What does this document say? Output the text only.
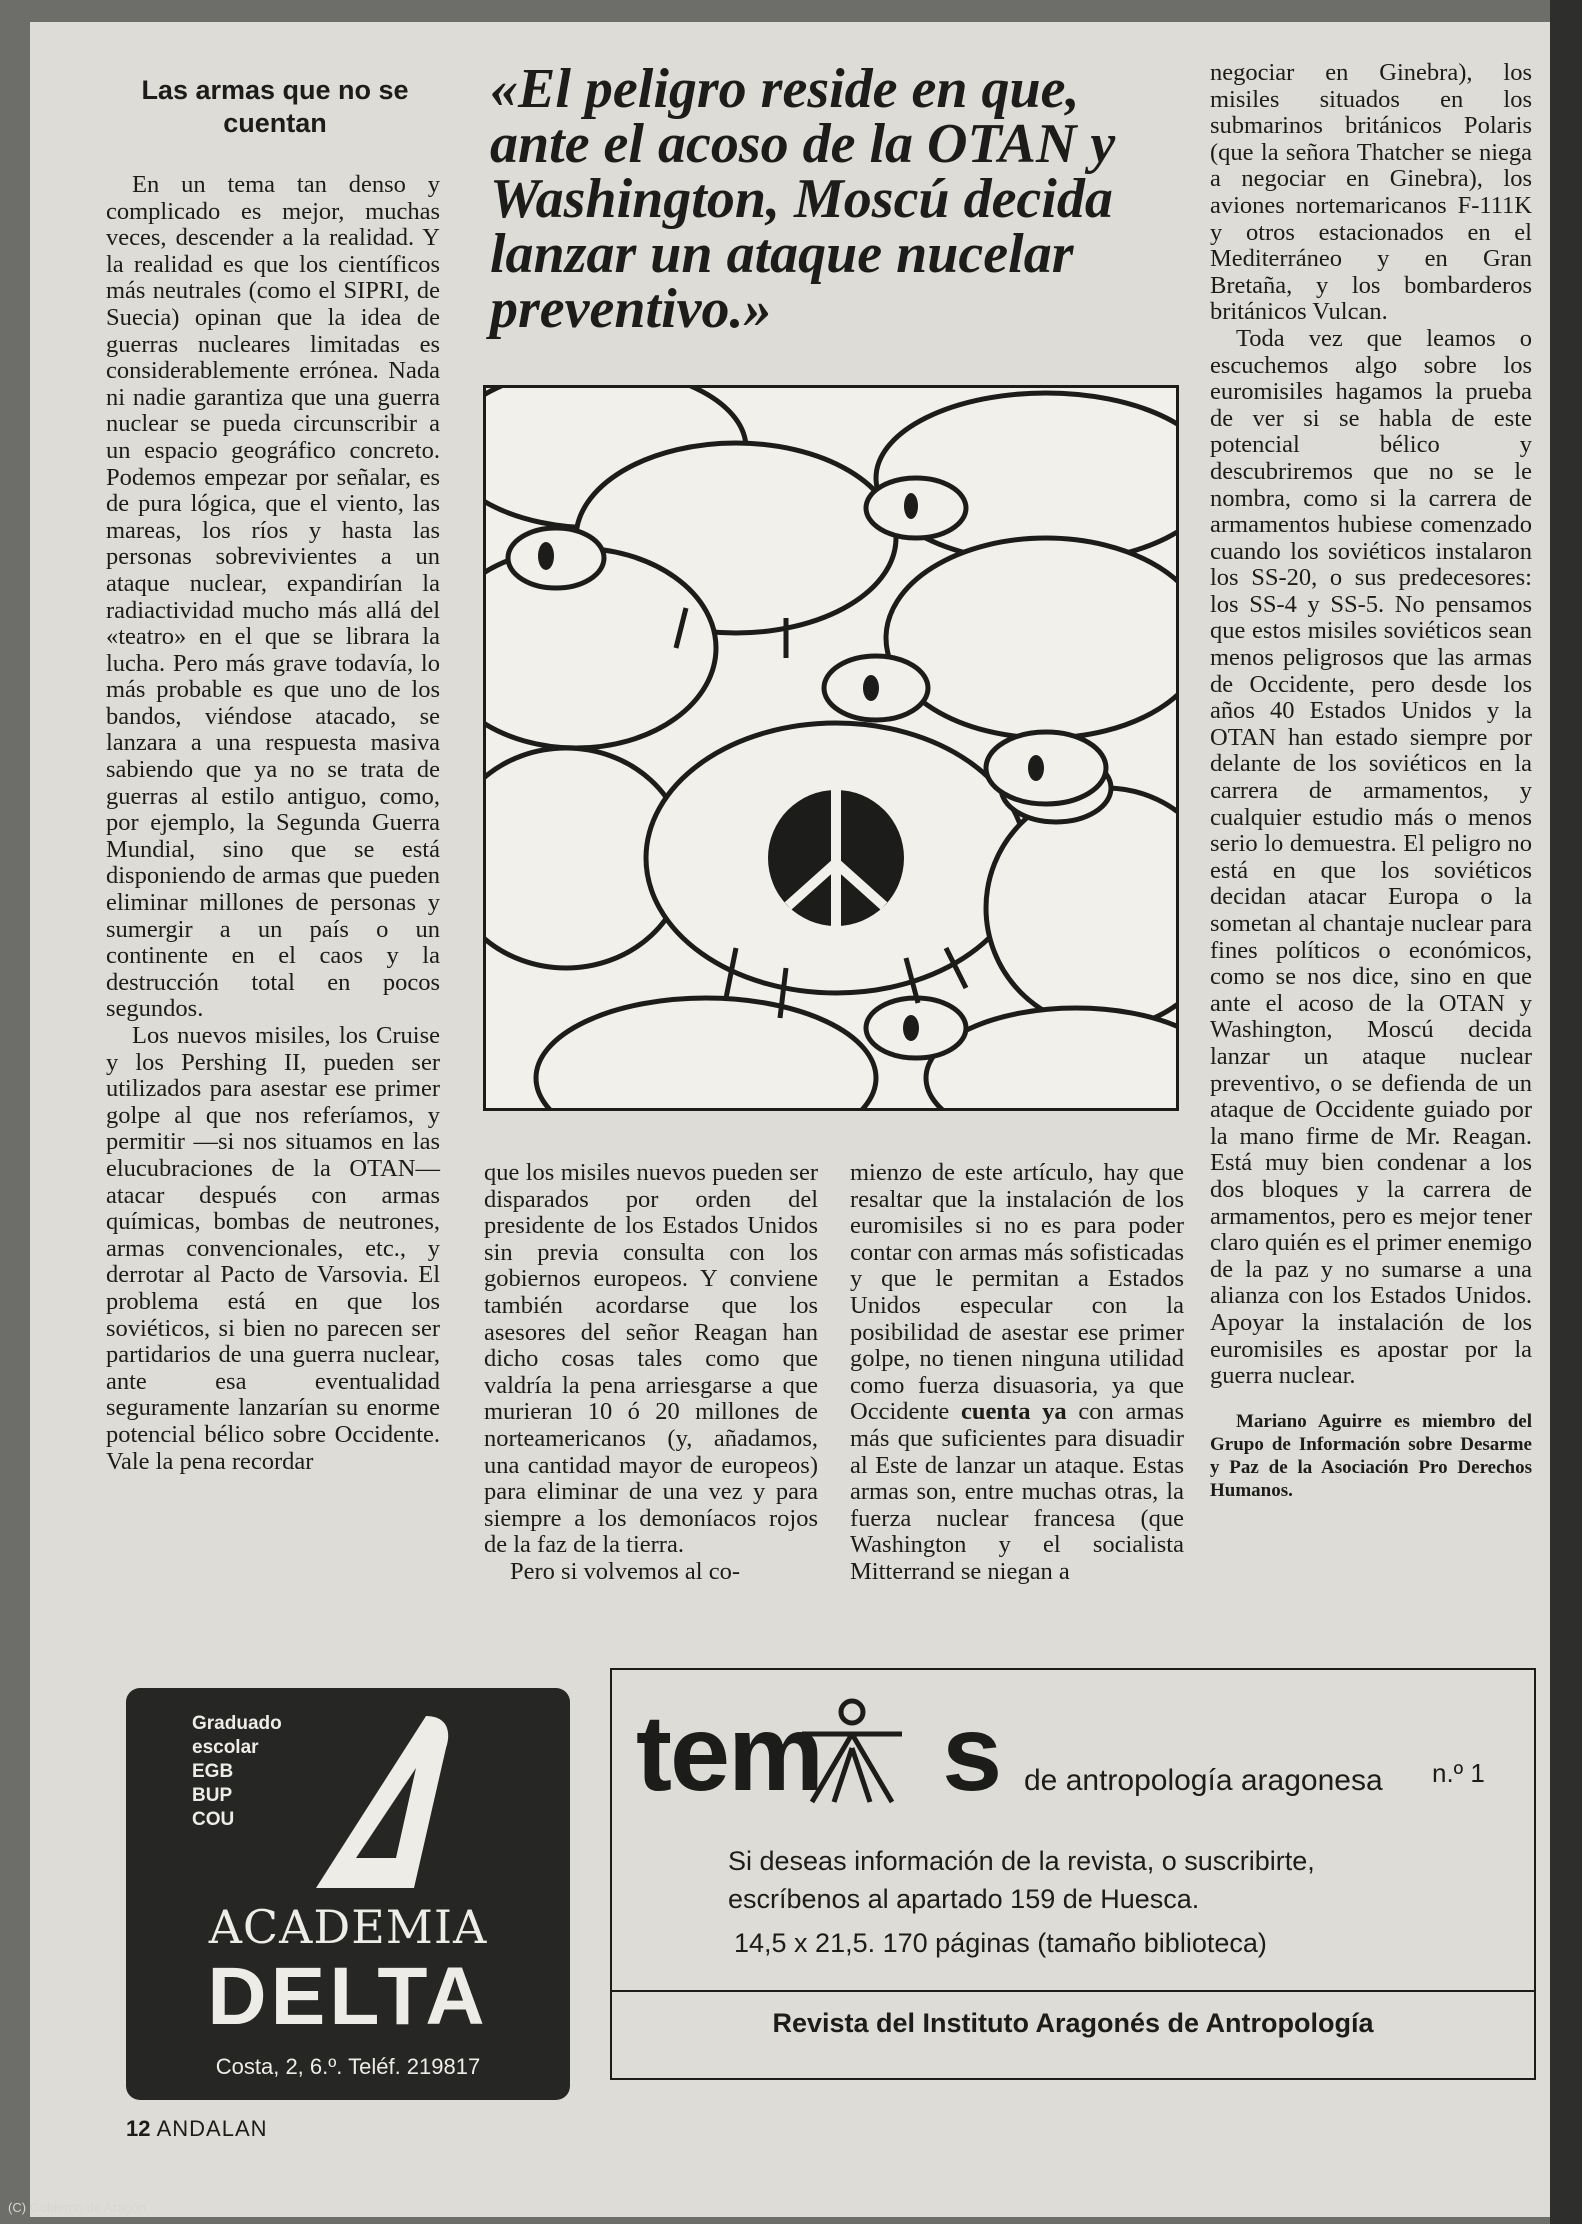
Las armas que no se cuentan

En un tema tan denso y complicado es mejor, muchas veces, descender a la realidad. Y la realidad es que los científicos más neutrales (como el SIPRI, de Suecia) opinan que la idea de guerras nucleares limitadas es considerablemente errónea. Nada ni nadie garantiza que una guerra nuclear se pueda circunscribir a un espacio geográfico concreto. Podemos empezar por señalar, es de pura lógica, que el viento, las mareas, los ríos y hasta las personas sobrevivientes a un ataque nuclear, expandirían la radiactividad mucho más allá del «teatro» en el que se librara la lucha. Pero más grave todavía, lo más probable es que uno de los bandos, viéndose atacado, se lanzara a una respuesta masiva sabiendo que ya no se trata de guerras al estilo antiguo, como, por ejemplo, la Segunda Guerra Mundial, sino que se está disponiendo de armas que pueden eliminar millones de personas y sumergir a un país o un continente en el caos y la destrucción total en pocos segundos.

Los nuevos misiles, los Cruise y los Pershing II, pueden ser utilizados para asestar ese primer golpe al que nos referíamos, y permitir —si nos situamos en las elucubraciones de la OTAN— atacar después con armas químicas, bombas de neutrones, armas convencionales, etc., y derrotar al Pacto de Varsovia. El problema está en que los soviéticos, si bien no parecen ser partidarios de una guerra nuclear, ante esa eventualidad seguramente lanzarían su enorme potencial bélico sobre Occidente. Vale la pena recordar

«El peligro reside en que, ante el acoso de la OTAN y Washington, Moscú decida lanzar un ataque nucelar preventivo.»

que los misiles nuevos pueden ser disparados por orden del presidente de los Estados Unidos sin previa consulta con los gobiernos europeos. Y conviene también acordarse que los asesores del señor Reagan han dicho cosas tales como que valdría la pena arriesgarse a que murieran 10 ó 20 millones de norteamericanos (y, añadamos, una cantidad mayor de europeos) para eliminar de una vez y para siempre a los demoníacos rojos de la faz de la tierra.

Pero si volvemos al co-

mienzo de este artículo, hay que resaltar que la instalación de los euromisiles si no es para poder contar con armas más sofisticadas y que le permitan a Estados Unidos especular con la posibilidad de asestar ese primer golpe, no tienen ninguna utilidad como fuerza disuasoria, ya que Occidente cuenta ya con armas más que suficientes para disuadir al Este de lanzar un ataque. Estas armas son, entre muchas otras, la fuerza nuclear francesa (que Washington y el socialista Mitterrand se niegan a

negociar en Ginebra), los misiles situados en los submarinos británicos Polaris (que la señora Thatcher se niega a negociar en Ginebra), los aviones nortemaricanos F-111K y otros estacionados en el Mediterráneo y en Gran Bretaña, y los bombarderos británicos Vulcan.

Toda vez que leamos o escuchemos algo sobre los euromisiles hagamos la prueba de ver si se habla de este potencial bélico y descubriremos que no se le nombra, como si la carrera de armamentos hubiese comenzado cuando los soviéticos instalaron los SS-20, o sus predecesores: los SS-4 y SS-5. No pensamos que estos misiles soviéticos sean menos peligrosos que las armas de Occidente, pero desde los años 40 Estados Unidos y la OTAN han estado siempre por delante de los soviéticos en la carrera de armamentos, y cualquier estudio más o menos serio lo demuestra. El peligro no está en que los soviéticos decidan atacar Europa o la sometan al chantaje nuclear para fines políticos o económicos, como se nos dice, sino en que ante el acoso de la OTAN y Washington, Moscú decida lanzar un ataque nuclear preventivo, o se defienda de un ataque de Occidente guiado por la mano firme de Mr. Reagan. Está muy bien condenar a los dos bloques y la carrera de armamentos, pero es mejor tener claro quién es el primer enemigo de la paz y no sumarse a una alianza con los Estados Unidos. Apoyar la instalación de los euromisiles es apostar por la guerra nuclear.

Mariano Aguirre es miembro del Grupo de Información sobre Desarme y Paz de la Asociación Pro Derechos Humanos.

Graduado
escolar
EGB
BUP
COU
ACADEMIA
DELTA
Costa, 2, 6.º. Teléf. 219817
tem s de antropología aragonesa n.º 1
Si deseas información de la revista, o suscribirte,
escríbenos al apartado 159 de Huesca.
14,5 x 21,5. 170 páginas (tamaño biblioteca)
Revista del Instituto Aragonés de Antropología
12 ANDALAN
(C) Gobierno de Aragón
